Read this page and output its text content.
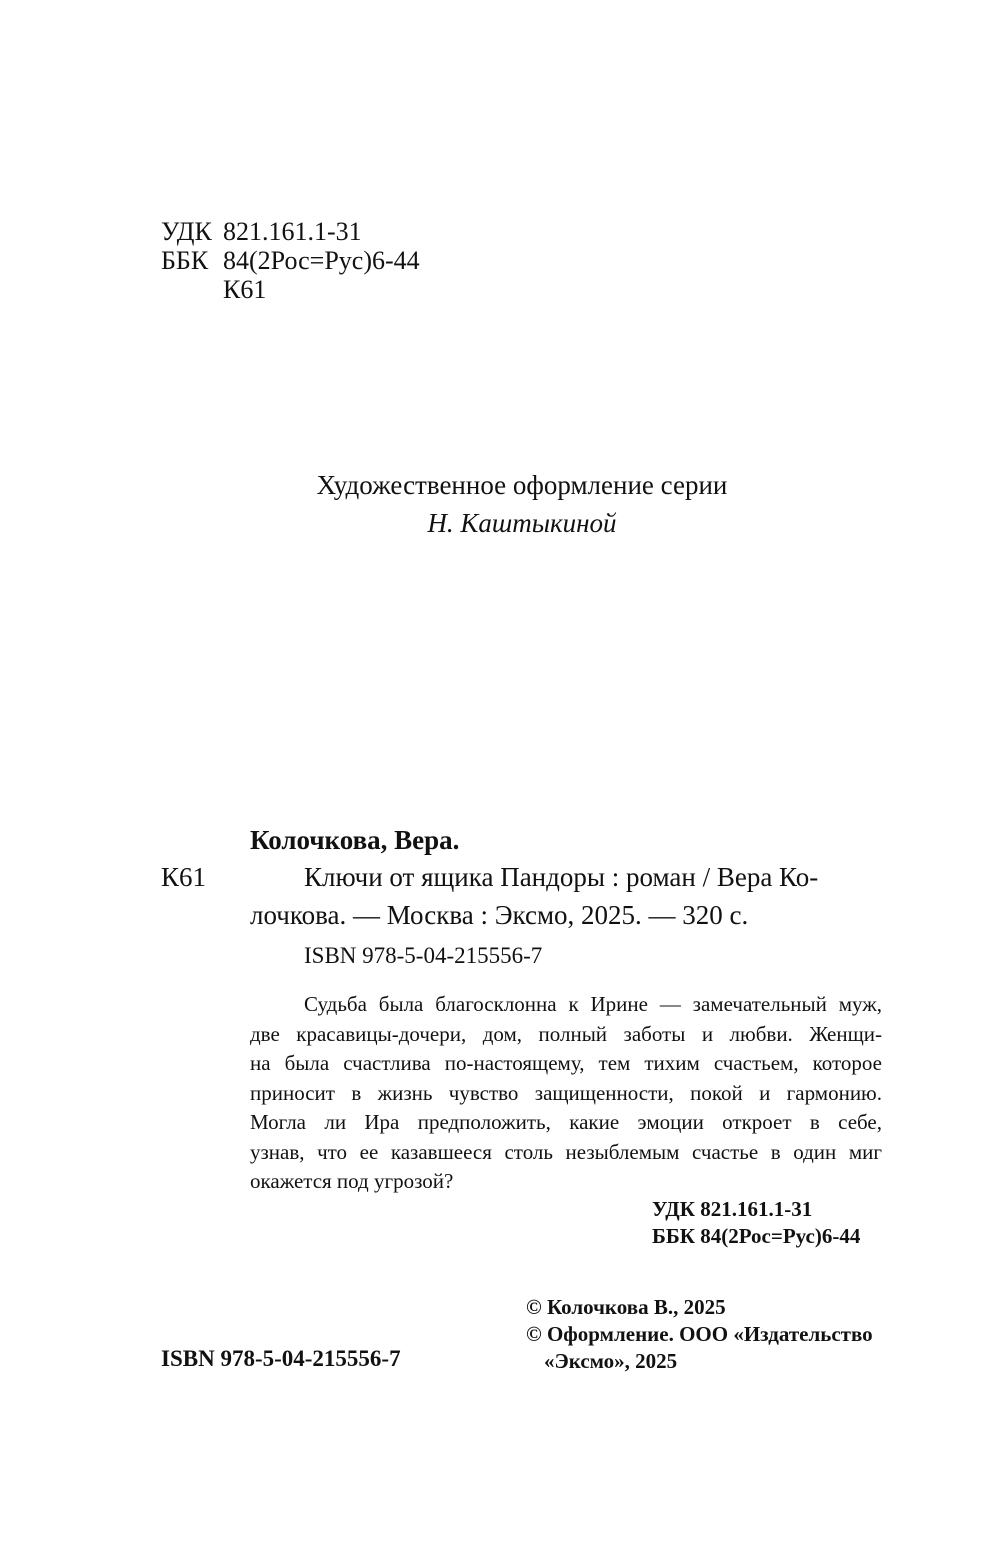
УДК 821.161.1-31
ББК 84(2Рос=Рус)6-44
К61
Художественное оформление серии
Н. Каштыкиной
Колочкова, Вера.
К61	Ключи от ящика Пандоры : роман / Вера Ко-
лочкова. — Москва : Эксмо, 2025. — 320 с.
ISBN 978-5-04-215556-7
Судьба была благосклонна к Ирине — замечательный муж,
две красавицы-дочери, дом, полный заботы и любви. Женщи-
на была счастлива по-настоящему, тем тихим счастьем, которое
приносит в жизнь чувство защищенности, покой и гармонию.
Могла ли Ира предположить, какие эмоции откроет в себе,
узнав, что ее казавшееся столь незыблемым счастье в один миг
окажется под угрозой?
УДК 821.161.1-31
ББК 84(2Рос=Рус)6-44
© Колочкова В., 2025
© Оформление. ООО «Издательство
«Эксмо», 2025
ISBN 978-5-04-215556-7
